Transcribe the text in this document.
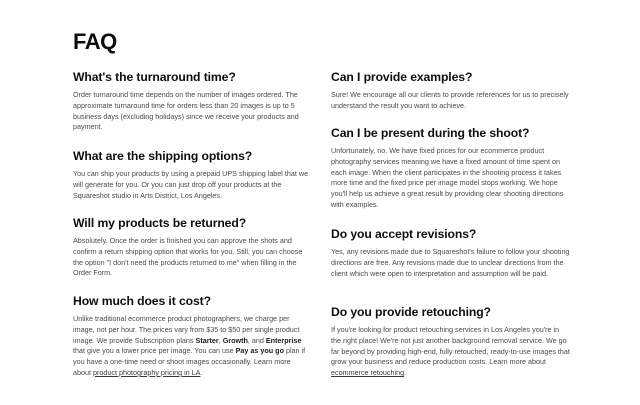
FAQ
What's the turnaround time?

Order turnaround time depends on the number of images ordered. The approximate turnaround time for orders less than 20 images is up to 5 business days (excluding holidays) since we receive your products and payment.

What are the shipping options?

You can ship your products by using a prepaid UPS shipping label that we will generate for you. Or you can just drop off your products at the Squareshot studio in Arts District, Los Angeles.

Will my products be returned?

Absolutely. Once the order is finished you can approve the shots and confirm a return shipping option that works for you. Still, you can choose the option "I don't need the products returned to me" when filling in the Order Form.

How much does it cost?

Unlike traditional ecommerce product photographers, we charge per image, not per hour. The prices vary from $35 to $50 per single product image. We provide Subscription plans Starter, Growth, and Enterprise that give you a lower price per image. You can use Pay as you go plan if you have a one-time need or shoot images occasionally. Learn more about product photography pricing in LA.

Can I provide examples?

Sure! We encourage all our clients to provide references for us to precisely understand the result you want to achieve.

Can I be present during the shoot?

Unfortunately, no. We have fixed prices for our ecommerce product photography services meaning we have a fixed amount of time spent on each image. When the client participates in the shooting process it takes more time and the fixed price per image model stops working. We hope you'll help us achieve a great result by providing clear shooting directions with examples.

Do you accept revisions?

Yes, any revisions made due to Squareshot's failure to follow your shooting directions are free. Any revisions made due to unclear directions from the client which were open to interpretation and assumption will be paid.

Do you provide retouching?

If you're looking for product retouching services in Los Angeles you're in the right place! We're not just another background removal service. We go far beyond by providing high-end, fully retouched, ready-to-use images that grow your business and reduce production costs. Learn more about ecommerce retouching.
